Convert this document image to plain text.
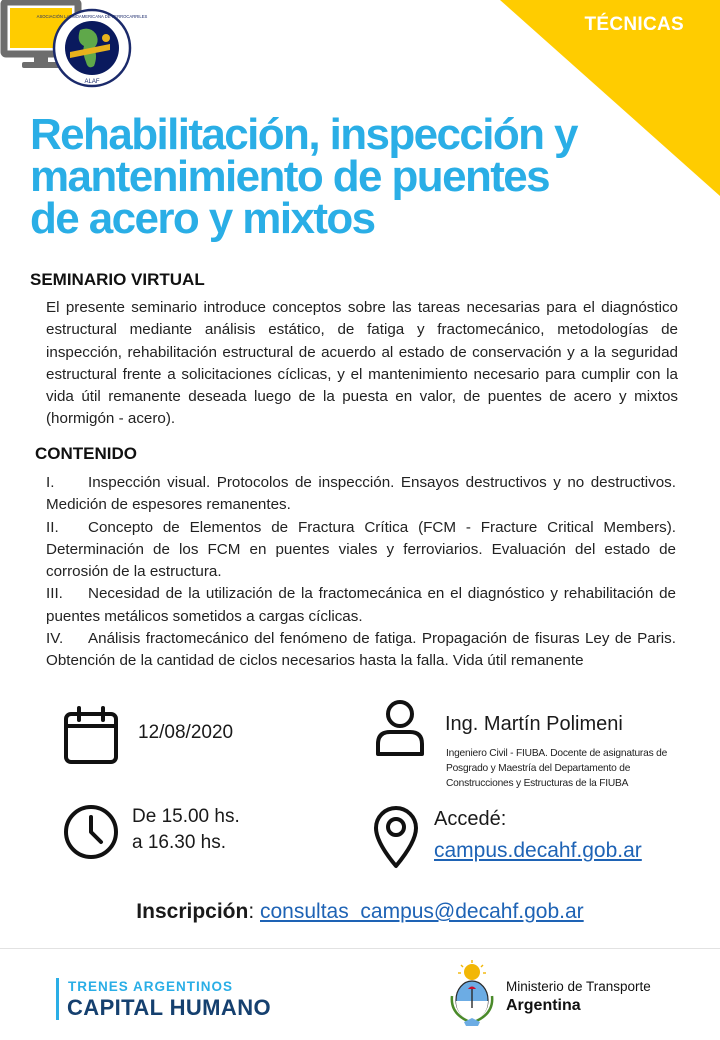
TÉCNICAS
ASOCIACIÓN LATINOAMERICANA DE FERROCARRILES
ALAF
Rehabilitación, inspección y
mantenimiento de puentes
de acero y mixtos
SEMINARIO VIRTUAL

El presente seminario introduce conceptos sobre las tareas necesarias para el diagnóstico estructural mediante análisis estático, de fatiga y fractomecánico, metodologías de inspección, rehabilitación estructural de acuerdo al estado de conservación y a la seguridad estructural frente a solicitaciones cíclicas, y el mantenimiento necesario para cumplir con la vida útil remanente deseada luego de la puesta en valor, de puentes de acero y mixtos (hormigón - acero).

CONTENIDO

I. Inspección visual. Protocolos de inspección. Ensayos destructivos y no destructivos. Medición de espesores remanentes.

II. Concepto de Elementos de Fractura Crítica (FCM - Fracture Critical Members). Determinación de los FCM en puentes viales y ferroviarios. Evaluación del estado de corrosión de la estructura.

III. Necesidad de la utilización de la fractomecánica en el diagnóstico y rehabilitación de puentes metálicos sometidos a cargas cíclicas.

IV. Análisis fractomecánico del fenómeno de fatiga. Propagación de fisuras Ley de Paris. Obtención de la cantidad de ciclos necesarios hasta la falla. Vida útil remanente

12/08/2020	Ing. Martín Polimeni
Ingeniero Civil - FIUBA. Docente de asignaturas de Posgrado y Maestría del Departamento de Construcciones y Estructuras de la FIUBA
De 15.00 hs.
a 16.30 hs.
Accedé:
campus.decahf.gob.ar
Inscripción: consultas_campus@decahf.gob.ar
TRENES ARGENTINOS
CAPITAL HUMANO
Ministerio de Transporte
Argentina
